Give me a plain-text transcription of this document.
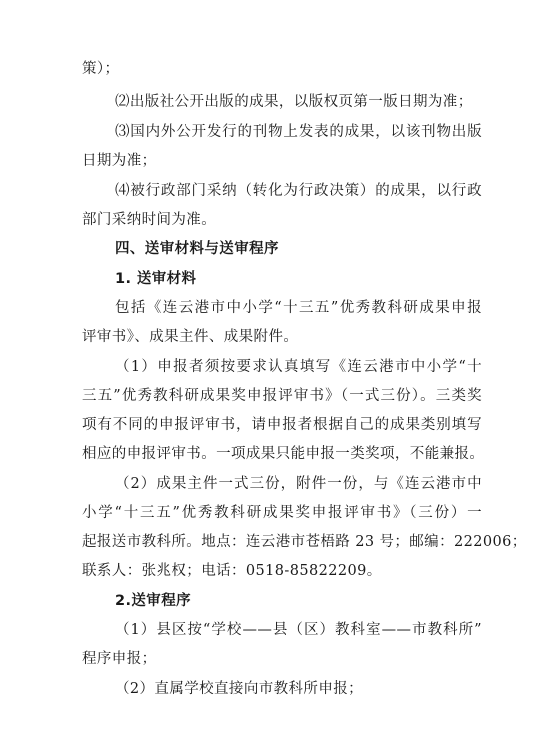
策）；
⑵出版社公开出版的成果，以版权页第一版日期为准；
⑶国内外公开发行的刊物上发表的成果，以该刊物出版
日期为准；
⑷被行政部门采纳（转化为行政决策）的成果，以行政
部门采纳时间为准。
四、送审材料与送审程序
1. 送审材料
包括《连云港市中小学“十三五”优秀教科研成果申报
评审书》、成果主件、成果附件。
（1）申报者须按要求认真填写《连云港市中小学“十
三五”优秀教科研成果奖申报评审书》（一式三份）。三类奖
项有不同的申报评审书，请申报者根据自己的成果类别填写
相应的申报评审书。一项成果只能申报一类奖项，不能兼报。
（2）成果主件一式三份，附件一份，与《连云港市中
小学“十三五”优秀教科研成果奖申报评审书》（三份）一
起报送市教科所。地点：连云港市苍梧路 23 号；邮编：222006；
联系人：张兆权；电话：0518-85822209。
2.送审程序
（1）县区按“学校——县（区）教科室——市教科所”
程序申报；
（2）直属学校直接向市教科所申报；
